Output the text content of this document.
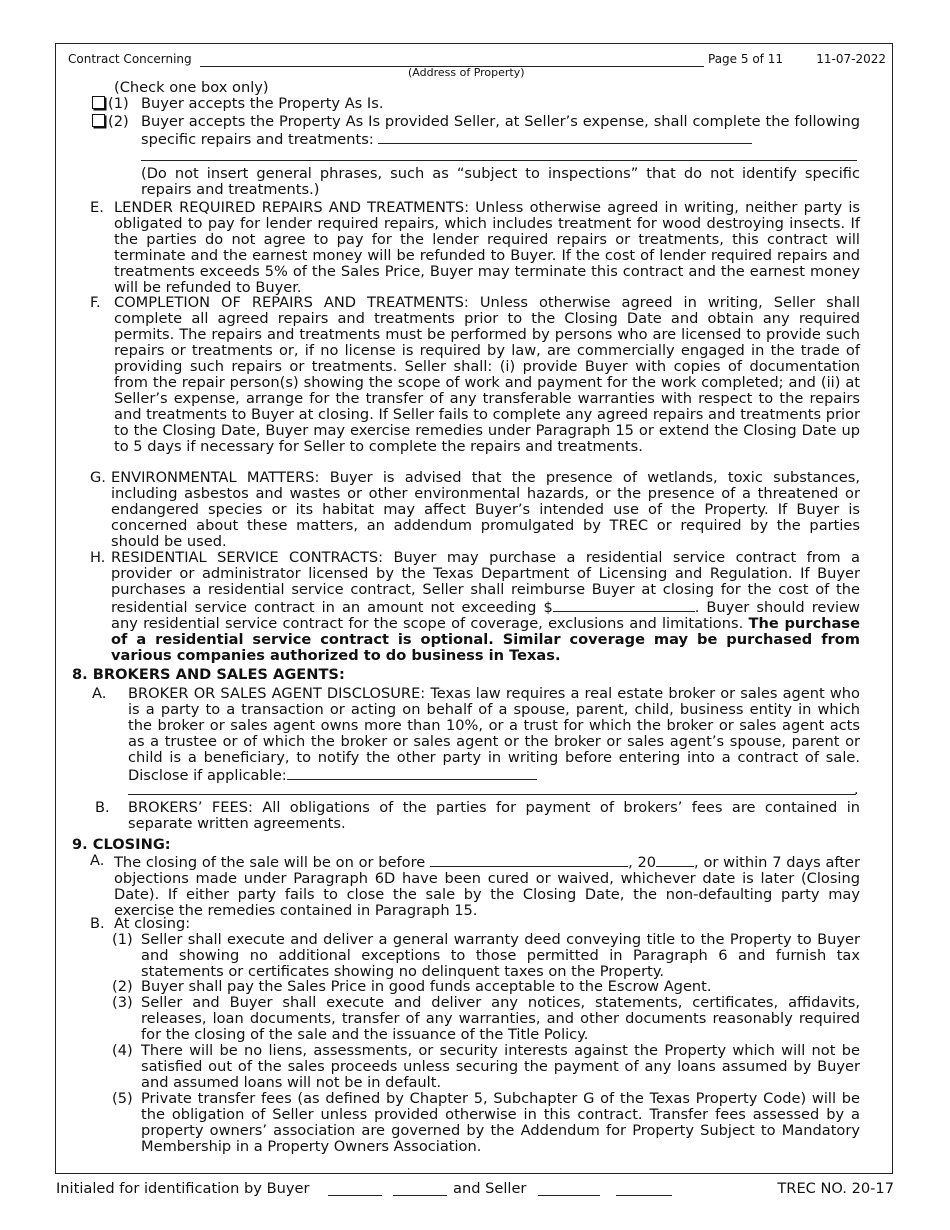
Contract Concerning
(Address of Property)
Page 5 of 11	11-07-2022
(Check one box only)
(1) Buyer accepts the Property As Is.
(2) Buyer accepts the Property As Is provided Seller, at Seller’s expense, shall complete the following specific repairs and treatments:
(Do not insert general phrases, such as “subject to inspections” that do not identify specific repairs and treatments.)
E. LENDER REQUIRED REPAIRS AND TREATMENTS: Unless otherwise agreed in writing, neither party is obligated to pay for lender required repairs, which includes treatment for wood destroying insects. If the parties do not agree to pay for the lender required repairs or treatments, this contract will terminate and the earnest money will be refunded to Buyer. If the cost of lender required repairs and treatments exceeds 5% of the Sales Price, Buyer may terminate this contract and the earnest money will be refunded to Buyer.
F. COMPLETION OF REPAIRS AND TREATMENTS: Unless otherwise agreed in writing, Seller shall complete all agreed repairs and treatments prior to the Closing Date and obtain any required permits. The repairs and treatments must be performed by persons who are licensed to provide such repairs or treatments or, if no license is required by law, are commercially engaged in the trade of providing such repairs or treatments. Seller shall: (i) provide Buyer with copies of documentation from the repair person(s) showing the scope of work and payment for the work completed; and (ii) at Seller’s expense, arrange for the transfer of any transferable warranties with respect to the repairs and treatments to Buyer at closing. If Seller fails to complete any agreed repairs and treatments prior to the Closing Date, Buyer may exercise remedies under Paragraph 15 or extend the Closing Date up to 5 days if necessary for Seller to complete the repairs and treatments.
G. ENVIRONMENTAL MATTERS: Buyer is advised that the presence of wetlands, toxic substances, including asbestos and wastes or other environmental hazards, or the presence of a threatened or endangered species or its habitat may affect Buyer’s intended use of the Property. If Buyer is concerned about these matters, an addendum promulgated by TREC or required by the parties should be used.
H. RESIDENTIAL SERVICE CONTRACTS: Buyer may purchase a residential service contract from a provider or administrator licensed by the Texas Department of Licensing and Regulation. If Buyer purchases a residential service contract, Seller shall reimburse Buyer at closing for the cost of the residential service contract in an amount not exceeding $	. Buyer should review any residential service contract for the scope of coverage, exclusions and limitations. The purchase of a residential service contract is optional. Similar coverage may be purchased from various companies authorized to do business in Texas.
8. BROKERS AND SALES AGENTS:
A.	BROKER OR SALES AGENT DISCLOSURE: Texas law requires a real estate broker or sales agent who is a party to a transaction or acting on behalf of a spouse, parent, child, business entity in which the broker or sales agent owns more than 10%, or a trust for which the broker or sales agent acts as a trustee or of which the broker or sales agent or the broker or sales agent’s spouse, parent or child is a beneficiary, to notify the other party in writing before entering into a contract of sale. Disclose if applicable:
.
B.	BROKERS’ FEES: All obligations of the parties for payment of brokers’ fees are contained in separate written agreements.
9. CLOSING:
A. The closing of the sale will be on or before	, 20	, or within 7 days after objections made under Paragraph 6D have been cured or waived, whichever date is later (Closing Date). If either party fails to close the sale by the Closing Date, the non-defaulting party may exercise the remedies contained in Paragraph 15.
B. At closing:
(1) Seller shall execute and deliver a general warranty deed conveying title to the Property to Buyer and showing no additional exceptions to those permitted in Paragraph 6 and furnish tax statements or certificates showing no delinquent taxes on the Property.
(2) Buyer shall pay the Sales Price in good funds acceptable to the Escrow Agent.
(3) Seller and Buyer shall execute and deliver any notices, statements, certificates, affidavits, releases, loan documents, transfer of any warranties, and other documents reasonably required for the closing of the sale and the issuance of the Title Policy.
(4) There will be no liens, assessments, or security interests against the Property which will not be satisfied out of the sales proceeds unless securing the payment of any loans assumed by Buyer and assumed loans will not be in default.
(5) Private transfer fees (as defined by Chapter 5, Subchapter G of the Texas Property Code) will be the obligation of Seller unless provided otherwise in this contract. Transfer fees assessed by a property owners’ association are governed by the Addendum for Property Subject to Mandatory Membership in a Property Owners Association.
Initialed for identification by Buyer	and Seller	TREC NO. 20-17
